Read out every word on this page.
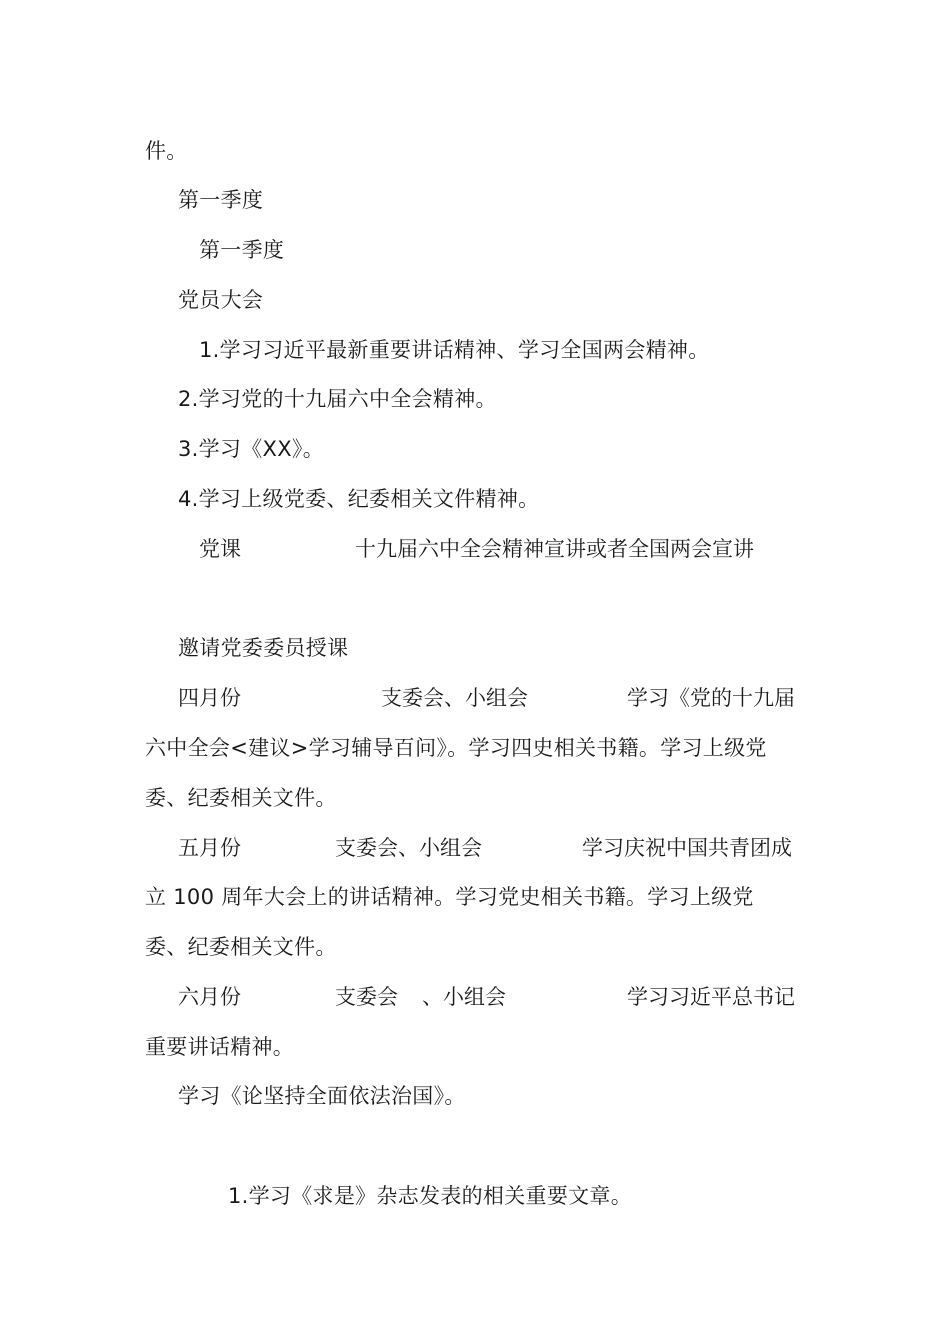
件。
第一季度
第一季度
党员大会
1.学习习近平最新重要讲话精神、学习全国两会精神。
2.学习党的十九届六中全会精神。
3.学习《XX》。
4.学习上级党委、纪委相关文件精神。
党课	十九届六中全会精神宣讲或者全国两会宣讲
邀请党委委员授课
四月份	支委会、小组会	学习《党的十九届
六中全会<建议>学习辅导百问》。学习四史相关书籍。学习上级党
委、纪委相关文件。
五月份	支委会、小组会	学习庆祝中国共青团成
立 100 周年大会上的讲话精神。学习党史相关书籍。学习上级党
委、纪委相关文件。
六月份	支委会 、小组会	学习习近平总书记
重要讲话精神。
学习《论坚持全面依法治国》。
1.学习《求是》杂志发表的相关重要文章。
